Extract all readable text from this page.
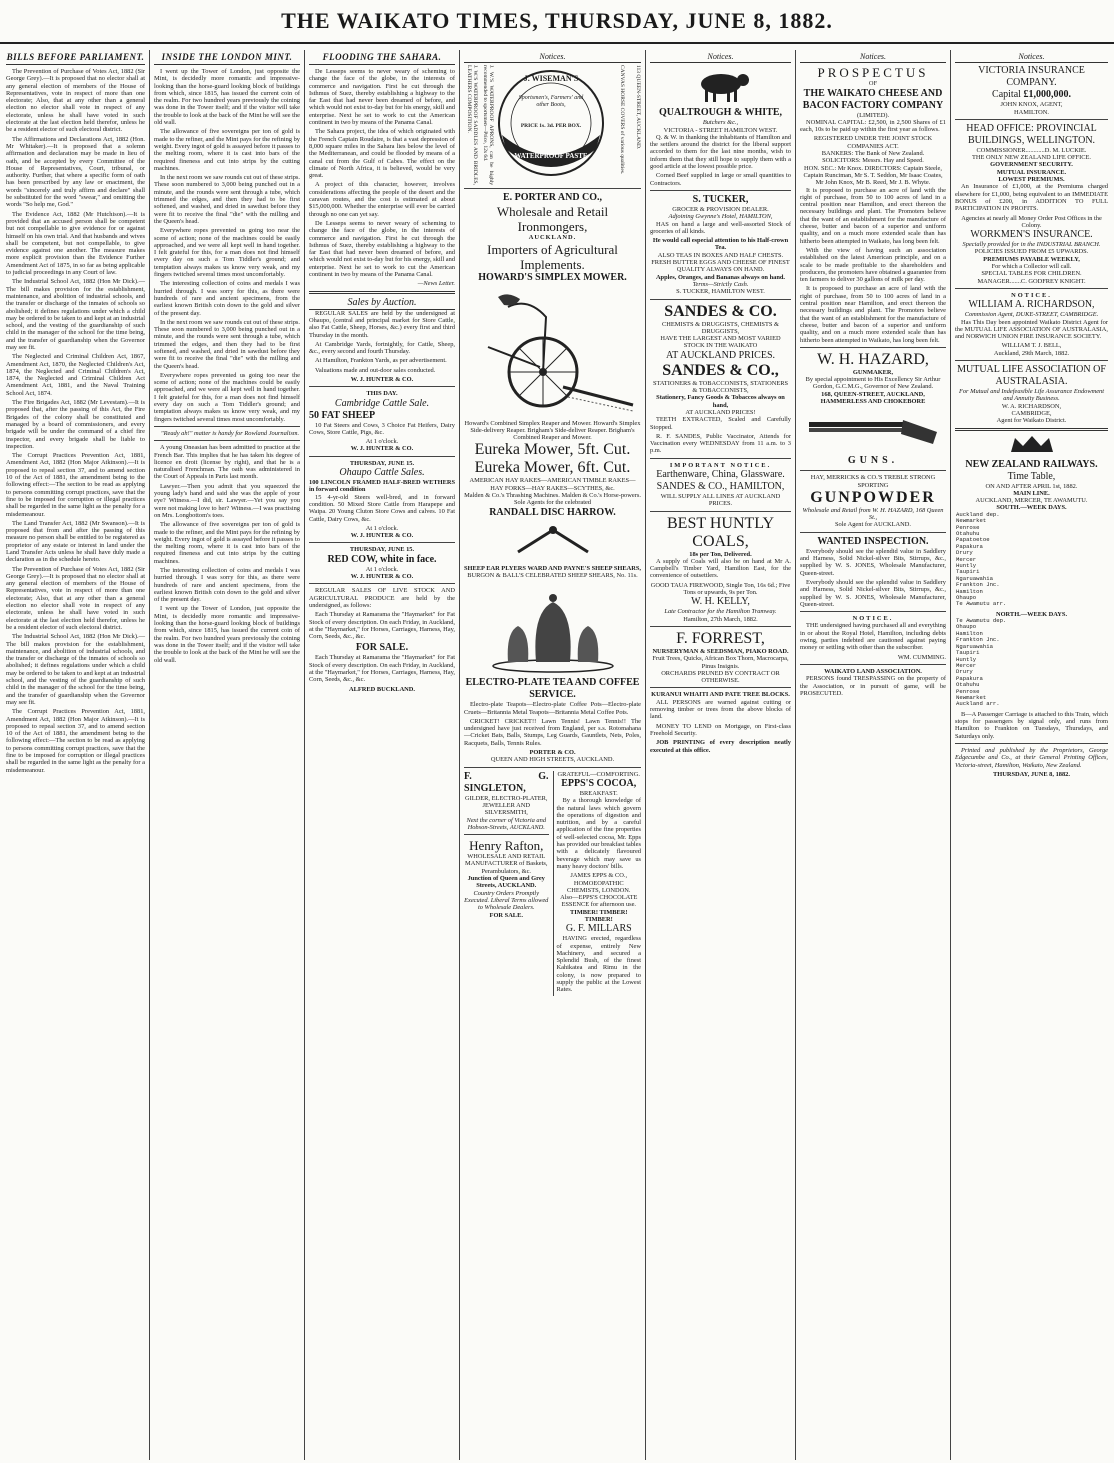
THE WAIKATO TIMES, THURSDAY, JUNE 8, 1882.
BILLS BEFORE PARLIAMENT.

The Prevention of Purchase of Votes Act, 1882 (Sir George Grey).—It is proposed that no elector shall at any general election of members of the House of Representatives, vote in respect of more than one electorate; Also, that at any other than a general election no elector shall vote in respect of any electorate, unless he shall have voted in such electorate at the last election held therefor, unless he be a resident elector of such electoral district.

The Affirmations and Declarations Act, 1882 (Hon. Mr Whitaker).—It is proposed that a solemn affirmation and declaration may be made in lieu of oath, and be accepted by every Committee of the House of Representatives, Court, tribunal, or authority. Further, that where a specific form of oath has been prescribed by any law or enactment, the words "sincerely and truly affirm and declare" shall be substituted for the word "swear," and omitting the words "So help me, God."

The Evidence Act, 1882 (Mr Hutchison).—It is provided that an accused person shall be competent but not compellable to give evidence for or against himself on his own trial. And that husbands and wives shall be competent, but not compellable, to give evidence against one another. The measure makes more explicit provision than the Evidence Further Amendment Act of 1875, in so far as being applicable to judicial proceedings in any Court of law.

The Industrial School Act, 1882 (Hon Mr Dick).—The bill makes provision for the establishment, maintenance, and abolition of industrial schools, and the transfer or discharge of the inmates of schools so abolished; it defines regulations under which a child may be ordered to be taken to and kept at an industrial school, and the vesting of the guardianship of such child in the manager of the school for the time being, and the transfer of guardianship when the Governor may see fit.

The Neglected and Criminal Children Act, 1867, Amendment Act, 1870, the Neglected Children's Act, 1874, the Neglected and Criminal Children's Act, 1874, the Neglected and Criminal Children Act Amendment Act, 1881, and the Naval Training School Act, 1874.

The Fire Brigades Act, 1882 (Mr Levestam).—It is proposed that, after the passing of this Act, the Fire Brigades of the colony shall be constituted and managed by a board of commissioners, and every brigade will be under the command of a chief fire inspector, and every brigade shall be liable to inspection.

The Corrupt Practices Prevention Act, 1881, Amendment Act, 1882 (Hon Major Atkinson).—It is proposed to repeal section 37, and to amend section 10 of the Act of 1881, the amendment being to the following effect:—The section to be read as applying to persons committing corrupt practices, save that the fine to be imposed for corruption or illegal practices shall be regarded in the same light as the penalty for a misdemeanour.

The Land Transfer Act, 1882 (Mr Swanson).—It is proposed that from and after the passing of this measure no person shall be entitled to be registered as proprietor of any estate or interest in land under the Land Transfer Acts unless he shall have duly made a declaration as in the schedule hereto.

The Prevention of Purchase of Votes Act, 1882 (Sir George Grey).—It is proposed that no elector shall at any general election of members of the House of Representatives, vote in respect of more than one electorate; Also, that at any other than a general election no elector shall vote in respect of any electorate, unless he shall have voted in such electorate at the last election held therefor, unless he be a resident elector of such electoral district.

The Industrial School Act, 1882 (Hon Mr Dick).—The bill makes provision for the establishment, maintenance, and abolition of industrial schools, and the transfer or discharge of the inmates of schools so abolished; it defines regulations under which a child may be ordered to be taken to and kept at an industrial school, and the vesting of the guardianship of such child in the manager of the school for the time being, and the transfer of guardianship when the Governor may see fit.

The Corrupt Practices Prevention Act, 1881, Amendment Act, 1882 (Hon Major Atkinson).—It is proposed to repeal section 37, and to amend section 10 of the Act of 1881, the amendment being to the following effect:—The section to be read as applying to persons committing corrupt practices, save that the fine to be imposed for corruption or illegal practices shall be regarded in the same light as the penalty for a misdemeanour.

INSIDE THE LONDON MINT.

I went up the Tower of London, just opposite the Mint, is decidedly more romantic and impressive-looking than the horse-guard looking block of buildings from which, since 1815, has issued the current coin of the realm. For two hundred years previously the coining was done in the Tower itself; and if the visitor will take the trouble to look at the back of the Mint he will see the old wall.

The allowance of five sovereigns per ton of gold is made to the refiner, and the Mint pays for the refining by weight. Every ingot of gold is assayed before it passes to the melting room, where it is cast into bars of the required fineness and cut into strips by the cutting machines.

In the next room we saw rounds cut out of these strips. These soon numbered to 3,000 being punched out in a minute, and the rounds were sent through a tube, which trimmed the edges, and then they had to be first softened, and washed, and dried in sawdust before they were fit to receive the final "die" with the milling and the Queen's head.

Everywhere ropes prevented us going too near the scene of action; none of the machines could be easily approached, and we were all kept well in hand together. I felt grateful for this, for a man does not find himself every day on such a Tom Tiddler's ground; and temptation always makes us know very weak, and my fingers twitched several times most uncomfortably.

The interesting collection of coins and medals I was hurried through. I was sorry for this, as there were hundreds of rare and ancient specimens, from the earliest known British coin down to the gold and silver of the present day.

In the next room we saw rounds cut out of these strips. These soon numbered to 3,000 being punched out in a minute, and the rounds were sent through a tube, which trimmed the edges, and then they had to be first softened, and washed, and dried in sawdust before they were fit to receive the final "die" with the milling and the Queen's head.

Everywhere ropes prevented us going too near the scene of action; none of the machines could be easily approached, and we were all kept well in hand together. I felt grateful for this, for a man does not find himself every day on such a Tom Tiddler's ground; and temptation always makes us know very weak, and my fingers twitched several times most uncomfortably.

"Ready ah!" matter is handy for Rowland Journalism.

A young Oneasian has been admitted to practice at the French Bar. This implies that he has taken his degree of licence en droit (license by right), and that he is a naturalised Frenchman. The oath was administered in the Court of Appeals in Paris last month.

Lawyer.—Then you admit that you squeezed the young lady's hand and said she was the apple of your eye? Witness.—I did, sir. Lawyer.—Yet you say you were not making love to her? Witness.—I was practising on Mrs. Longbottom's toes.

The allowance of five sovereigns per ton of gold is made to the refiner, and the Mint pays for the refining by weight. Every ingot of gold is assayed before it passes to the melting room, where it is cast into bars of the required fineness and cut into strips by the cutting machines.

The interesting collection of coins and medals I was hurried through. I was sorry for this, as there were hundreds of rare and ancient specimens, from the earliest known British coin down to the gold and silver of the present day.

I went up the Tower of London, just opposite the Mint, is decidedly more romantic and impressive-looking than the horse-guard looking block of buildings from which, since 1815, has issued the current coin of the realm. For two hundred years previously the coining was done in the Tower itself; and if the visitor will take the trouble to look at the back of the Mint he will see the old wall.

FLOODING THE SAHARA.

De Lesseps seems to never weary of scheming to change the face of the globe, in the interests of commerce and navigation. First he cut through the Isthmus of Suez, thereby establishing a highway to the far East that had never been dreamed of before, and which would not exist to-day but for his energy, skill and enterprise. Next he set to work to cut the American continent in two by means of the Panama Canal.

The Sahara project, the idea of which originated with the French Captain Roudaire, is that a vast depression of 8,000 square miles in the Sahara lies below the level of the Mediterranean, and could be flooded by means of a canal cut from the Gulf of Cabes. The effect on the climate of North Africa, it is believed, would be very great.

A project of this character, however, involves considerations affecting the people of the desert and the caravan routes, and the cost is estimated at about $15,000,000. Whether the enterprise will ever be carried through no one can yet say.

De Lesseps seems to never weary of scheming to change the face of the globe, in the interests of commerce and navigation. First he cut through the Isthmus of Suez, thereby establishing a highway to the far East that had never been dreamed of before, and which would not exist to-day but for his energy, skill and enterprise. Next he set to work to cut the American continent in two by means of the Panama Canal.

—News Letter.

Sales by Auction.

REGULAR SALES are held by the undersigned at Ohaupo, (central and principal market for Store Cattle, also Fat Cattle, Sheep, Horses, &c.) every first and third Thursday in the month.

At Cambridge Yards, fortnightly, for Cattle, Sheep, &c., every second and fourth Thursday.

At Hamilton, Frankton Yards, as per advertisement.

Valuations made and out-door sales conducted.

W. J. HUNTER & CO.

THIS DAY.

Cambridge Cattle Sale.

50 FAT SHEEP

10 Fat Steers and Cows, 3 Choice Fat Heifers, Dairy Cows, Store Cattle, Pigs, &c.

At 1 o'clock.

W. J. HUNTER & CO.

THURSDAY, JUNE 15.

Ohaupo Cattle Sales.

100 LINCOLN FRAMED HALF-BRED WETHERS in forward condition

15 4-yr-old Steers well-bred, and in forward condition. 50 Mixed Store Cattle from Harapepe and Waipa. 20 Young Cluton Store Cows and calves. 10 Fat Cattle, Dairy Cows, &c.

At 1 o'clock.

W. J. HUNTER & CO.

THURSDAY, JUNE 15.

RED COW, white in face.

At 1 o'clock.

W. J. HUNTER & CO.

REGULAR SALES OF LIVE STOCK AND AGRICULTURAL PRODUCE are held by the undersigned, as follows:

Each Thursday at Ramarama the "Haymarket" for Fat Stock of every description. On each Friday, in Auckland, at the "Haymarket," for Horses, Carriages, Harness, Hay, Corn, Seeds, &c., &c.

FOR SALE.

Each Thursday at Ramarama the "Haymarket" for Fat Stock of every description. On each Friday, in Auckland, at the "Haymarket," for Horses, Carriages, Harness, Hay, Corn, Seeds, &c., &c.

ALFRED BUCKLAND.

Notices.
J. W.'S WATERPROOF SADDLES AND BRIDLES, LEATHERS COMPOSITION.	J. W.'S WATERPROOF APRONS, can be highly recommended to sportsmen—Price, 12s 6d.	J. WISEMAN'S
Sportsmen's, Farmers' and other Boots,
PRICE 1s. 3d. PER BOX.
WATERPROOF PASTE	CANVAS HORSE COVERS of various qualities.	113 QUEEN-STREET, AUCKLAND.

E. PORTER AND CO.,

Wholesale and Retail Ironmongers,

AUCKLAND.

Importers of Agricultural Implements.

HOWARD'S SIMPLEX MOWER.

Howard's Combined Simplex Reaper and Mower. Howard's Simplex Side-delivery Reaper. Brigham's Side-deliver Reaper. Brigham's Combined Reaper and Mower.

Eureka Mower, 5ft. Cut.

Eureka Mower, 6ft. Cut.

AMERICAN HAY RAKES—AMERICAN TIMBLE RAKES—HAY FORKS—HAY RAKES—SCYTHES, &c.

Malden & Co.'s Thrashing Machines. Malden & Co.'s Horse-powers.

Sole Agents for the celebrated

RANDALL DISC HARROW.

SHEEP EAR PLYERS WARD AND PAYNE'S SHEEP SHEARS,

BURGON & BALL'S CELEBRATED SHEEP SHEARS, No. 11s.

ELECTRO-PLATE TEA AND COFFEE SERVICE.

Electro-plate Teapots—Electro-plate Coffee Pots—Electro-plate Cruets—Britannia Metal Teapots—Britannia Metal Coffee Pots.

CRICKET! CRICKET!! Lawn Tennis! Lawn Tennis!! The undersigned have just received from England, per s.s. Rotomahana—Cricket Bats, Balls, Stumps, Leg Guards, Gauntlets, Nets, Poles, Racquets, Balls, Tennis Rules.

PORTER & CO.

QUEEN AND HIGH STREETS, AUCKLAND.

F. G. SINGLETON,

GILDER, ELECTRO-PLATER, JEWELLER AND SILVERSMITH,

Next the corner of Victoria and Hobson-Streets, AUCKLAND.

Henry Rafton,

WHOLESALE AND RETAIL MANUFACTURER of Baskets, Perambulators, &c.

Junction of Queen and Grey Streets, AUCKLAND.

Country Orders Promptly Executed. Liberal Terms allowed to Wholesale Dealers.

FOR SALE.

GRATEFUL—COMFORTING.

EPPS'S COCOA,

BREAKFAST.

By a thorough knowledge of the natural laws which govern the operations of digestion and nutrition, and by a careful application of the fine properties of well-selected cocoa, Mr. Epps has provided our breakfast tables with a delicately flavoured beverage which may save us many heavy doctors' bills.

JAMES EPPS & CO., HOMOEOPATHIC CHEMISTS, LONDON.

Also—EPPS'S CHOCOLATE ESSENCE for afternoon use.

TIMBER! TIMBER! TIMBER!

G. F. MILLARS

HAVING erected, regardless of expense, entirely New Machinery, and secured a Splendid Bush, of the finest Kahikatea and Rimu in the colony, is now prepared to supply the public at the Lowest Rates.

Notices.

QUALTROUGH & WHITE,

Butchers &c.,

VICTORIA - STREET HAMILTON WEST.

Q. & W. in thanking the inhabitants of Hamilton and the settlers around the district for the liberal support accorded to them for the last nine months, wish to inform them that they still hope to supply them with a good article at the lowest possible price.

Corned Beef supplied in large or small quantities to Contractors.

S. TUCKER,

GROCER & PROVISION DEALER.

Adjoining Gwynne's Hotel, HAMILTON,

HAS on hand a large and well-assorted Stock of groceries of all kinds.

He would call especial attention to his Half-crown Tea.

ALSO TEAS IN BOXES AND HALF CHESTS.

FRESH BUTTER EGGS AND CHEESE OF FINEST QUALITY ALWAYS ON HAND.

Apples, Oranges, and Bananas always on hand.

Terms—Strictly Cash.

S. TUCKER, HAMILTON WEST.

SANDES & CO.

CHEMISTS & DRUGGISTS, CHEMISTS & DRUGGISTS,

HAVE THE LARGEST AND MOST VARIED STOCK IN THE WAIKATO

AT AUCKLAND PRICES.

SANDES & CO.,

STATIONERS & TOBACCONISTS, STATIONERS & TOBACCONISTS,

Stationery, Fancy Goods & Tobaccos always on hand,

AT AUCKLAND PRICES!

TEETH EXTRACTED, Scaled and Carefully Stopped.

R. F. SANDES, Public Vaccinator, Attends for Vaccination every WEDNESDAY from 11 a.m. to 3 p.m.

IMPORTANT NOTICE.

Earthenware, China, Glassware.

SANDES & CO., HAMILTON,

WILL SUPPLY ALL LINES AT AUCKLAND PRICES.

BEST HUNTLY COALS,

18s per Ton, Delivered.

A supply of Coals will also be on hand at Mr A. Campbell's Timber Yard, Hamilton East, for the convenience of outsettlers.

GOOD TAUA FIREWOOD, Single Ton, 16s 6d.; Five Tons or upwards, 9s per Ton.

W. H. KELLY,

Late Contractor for the Hamilton Tramway.

Hamilton, 27th March, 1882.

F. FORREST,

NURSERYMAN & SEEDSMAN, PIAKO ROAD.

Fruit Trees, Quicks, African Box Thorn, Macrocarpa, Pinus Insignis.

ORCHARDS PRUNED BY CONTRACT OR OTHERWISE.

KURANUI WHAITI AND PATE TREE BLOCKS.

ALL PERSONS are warned against cutting or removing timber or trees from the above blocks of land.

MONEY TO LEND on Mortgage, on First-class Freehold Security.

JOB PRINTING of every description neatly executed at this office.

Notices.

PROSPECTUS

OF

THE WAIKATO CHEESE AND BACON FACTORY COMPANY

(LIMITED).

NOMINAL CAPITAL: £2,500, in 2,500 Shares of £1 each, 10s to be paid up within the first year as follows.

REGISTERED UNDER THE JOINT STOCK COMPANIES ACT.

BANKERS: The Bank of New Zealand.

SOLICITORS: Messrs. Hay and Speed.

HON. SEC.: Mr Knox. DIRECTORS: Captain Steele, Captain Runciman, Mr S. T. Seddon, Mr Isaac Coates, Mr John Knox, Mr B. Reed, Mr J. B. Whyte.

It is proposed to purchase an acre of land with the right of purchase, from 50 to 100 acres of land in a central position near Hamilton, and erect thereon the necessary buildings and plant. The Promoters believe that the want of an establishment for the manufacture of cheese, butter and bacon of a superior and uniform quality, and on a much more extended scale than has hitherto been attempted in Waikato, has long been felt.

With the view of having such an association established on the latest American principle, and on a scale to be made profitable to the shareholders and producers, the promoters have obtained a guarantee from ten farmers to deliver 30 gallons of milk per day.

It is proposed to purchase an acre of land with the right of purchase, from 50 to 100 acres of land in a central position near Hamilton, and erect thereon the necessary buildings and plant. The Promoters believe that the want of an establishment for the manufacture of cheese, butter and bacon of a superior and uniform quality, and on a much more extended scale than has hitherto been attempted in Waikato, has long been felt.

W. H. HAZARD,

GUNMAKER,

By special appointment to His Excellency Sir Arthur Gordon, G.C.M.G., Governor of New Zealand.

168, QUEEN-STREET, AUCKLAND,

HAMMERLESS AND CHOKEBORE

GUNS.

HAY, MERRICKS & CO.'S TREBLE STRONG SPORTING

GUNPOWDER

Wholesale and Retail from W. H. HAZARD, 168 Queen St.,

Sole Agent for AUCKLAND.

WANTED INSPECTION.

Everybody should see the splendid value in Saddlery and Harness, Solid Nickel-silver Bits, Stirrups, &c., supplied by W. S. JONES, Wholesale Manufacturer, Queen-street.

Everybody should see the splendid value in Saddlery and Harness, Solid Nickel-silver Bits, Stirrups, &c., supplied by W. S. JONES, Wholesale Manufacturer, Queen-street.

NOTICE.

THE undersigned having purchased all and everything in or about the Royal Hotel, Hamilton, including debts owing, parties indebted are cautioned against paying money or settling with other than the subscriber.

WM. CUMMING.

WAIKATO LAND ASSOCIATION.

PERSONS found TRESPASSING on the property of the Association, or in pursuit of game, will be PROSECUTED.

Notices.

VICTORIA INSURANCE COMPANY.

Capital £1,000,000.

JOHN KNOX, AGENT,

HAMILTON.

HEAD OFFICE: PROVINCIAL BUILDINGS, WELLINGTON.

COMMISSIONER............D. M. LUCKIE.

THE ONLY NEW ZEALAND LIFE OFFICE.

GOVERNMENT SECURITY.

MUTUAL INSURANCE.

LOWEST PREMIUMS.

An Insurance of £1,000, at the Premiums charged elsewhere for £1,000, being equivalent to an IMMEDIATE BONUS of £200, in ADDITION TO FULL PARTICIPATION IN PROFITS.

Agencies at nearly all Money Order Post Offices in the Colony.

WORKMEN'S INSURANCE.

Specially provided for in the INDUSTRIAL BRANCH.

POLICIES ISSUED FROM £5 UPWARDS.

PREMIUMS PAYABLE WEEKLY,

For which a Collector will call.

SPECIAL TABLES FOR CHILDREN.

MANAGER.......C. GODFREY KNIGHT.

NOTICE.

WILLIAM A. RICHARDSON,

Commission Agent, DUKE-STREET, CAMBRIDGE.

Has This Day been appointed Waikato District Agent for the MUTUAL LIFE ASSOCIATION OF AUSTRALASIA, and NORWICH UNION FIRE INSURANCE SOCIETY.

WILLIAM T. J. BELL,

Auckland, 29th March, 1882.

MUTUAL LIFE ASSOCIATION OF AUSTRALASIA.

For Mutual and Indefeasible Life Assurance Endowment and Annuity Business.

W. A. RICHARDSON,

CAMBRIDGE,

Agent for Waikato District.

NEW ZEALAND RAILWAYS.

Time Table,

ON AND AFTER APRIL 1st, 1882.

MAIN LINE.

AUCKLAND, MERCER, TE AWAMUTU.

SOUTH.—WEEK DAYS.

Auckland dep.
Newmarket
Penrose
Otahuhu
Papatoetoe
Papakura
Drury
Mercer
Huntly
Taupiri
Ngaruawahia
Frankton Jnc.
Hamilton
Ohaupo
Te Awamutu arr.

NORTH.—WEEK DAYS.

Te Awamutu dep.
Ohaupo
Hamilton
Frankton Jnc.
Ngaruawahia
Taupiri
Huntly
Mercer
Drury
Papakura
Otahuhu
Penrose
Newmarket
Auckland arr.

B—A Passenger Carriage is attached to this Train, which stops for passengers by signal only, and runs from Hamilton to Frankton on Tuesdays, Thursdays, and Saturdays only.

Printed and published by the Proprietors, George Edgecumbe and Co., at their General Printing Offices, Victoria-street, Hamilton, Waikato, New Zealand.

THURSDAY, JUNE 8, 1882.
